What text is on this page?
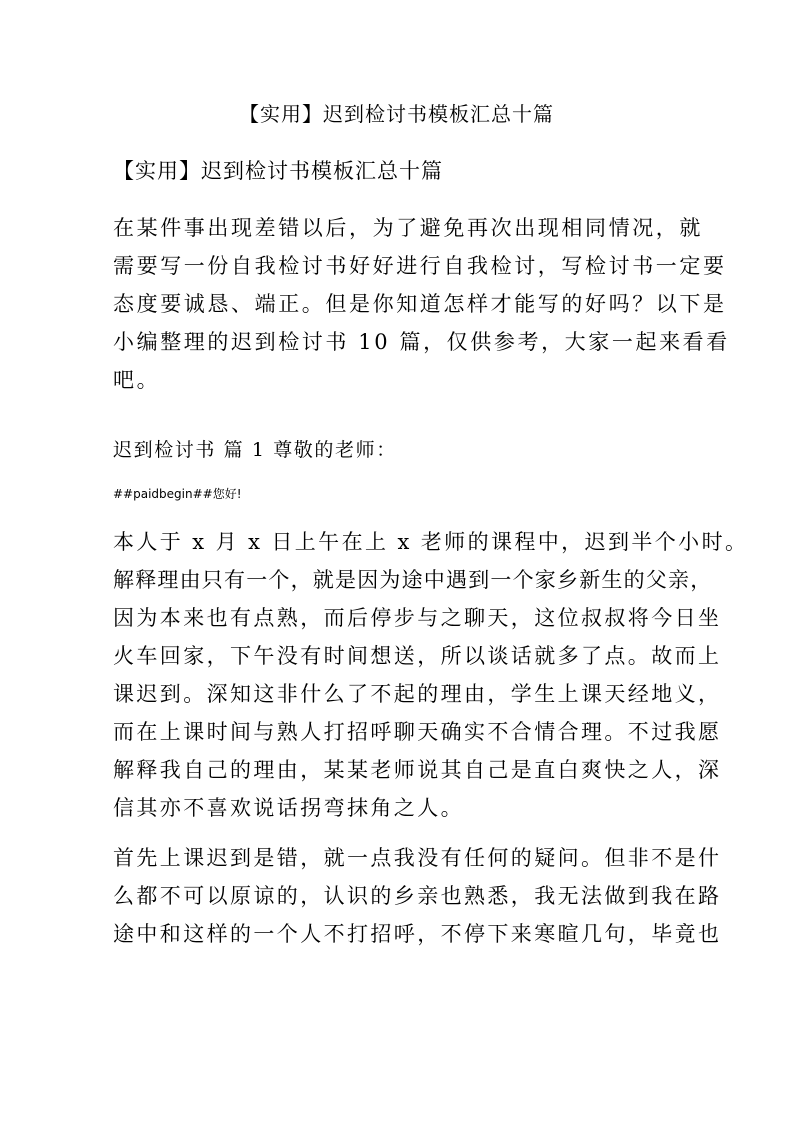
【实用】迟到检讨书模板汇总十篇
【实用】迟到检讨书模板汇总十篇
在某件事出现差错以后，为了避免再次出现相同情况，就
需要写一份自我检讨书好好进行自我检讨，写检讨书一定要
态度要诚恳、端正。但是你知道怎样才能写的好吗？以下是
小编整理的迟到检讨书 10 篇，仅供参考，大家一起来看看
吧。
迟到检讨书 篇 1 尊敬的老师：
##paidbegin##您好!
本人于 x 月 x 日上午在上 x 老师的课程中，迟到半个小时。
解释理由只有一个，就是因为途中遇到一个家乡新生的父亲，
因为本来也有点熟，而后停步与之聊天，这位叔叔将今日坐
火车回家，下午没有时间想送，所以谈话就多了点。故而上
课迟到。深知这非什么了不起的理由，学生上课天经地义，
而在上课时间与熟人打招呼聊天确实不合情合理。不过我愿
解释我自己的理由，某某老师说其自己是直白爽快之人，深
信其亦不喜欢说话拐弯抹角之人。
首先上课迟到是错，就一点我没有任何的疑问。但非不是什
么都不可以原谅的，认识的乡亲也熟悉，我无法做到我在路
途中和这样的一个人不打招呼，不停下来寒暄几句，毕竟也
